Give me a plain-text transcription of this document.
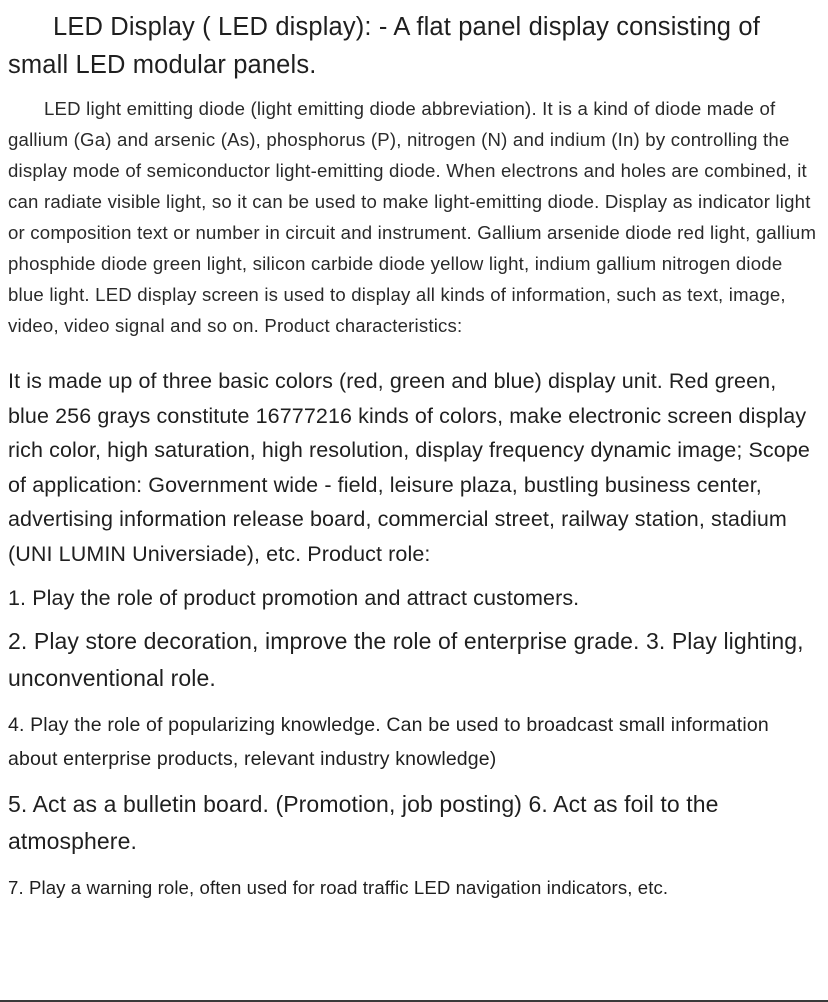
LED Display ( LED display): - A flat panel display consisting of small LED modular panels.

LED light emitting diode (light emitting diode abbreviation). It is a kind of diode made of gallium (Ga) and arsenic (As), phosphorus (P), nitrogen (N) and indium (In) by controlling the display mode of semiconductor light-emitting diode. When electrons and holes are combined, it can radiate visible light, so it can be used to make light-emitting diode. Display as indicator light or composition text or number in circuit and instrument. Gallium arsenide diode red light, gallium phosphide diode green light, silicon carbide diode yellow light, indium gallium nitrogen diode blue light. LED display screen is used to display all kinds of information, such as text, image, video, video signal and so on. Product characteristics:

It is made up of three basic colors (red, green and blue) display unit. Red green, blue 256 grays constitute 16777216 kinds of colors, make electronic screen display rich color, high saturation, high resolution, display frequency dynamic image; Scope of application: Government wide - field, leisure plaza, bustling business center, advertising information release board, commercial street, railway station, stadium (UNI LUMIN Universiade), etc. Product role:

1. Play the role of product promotion and attract customers.

2. Play store decoration, improve the role of enterprise grade. 3. Play lighting, unconventional role.

4. Play the role of popularizing knowledge. Can be used to broadcast small information about enterprise products, relevant industry knowledge)

5. Act as a bulletin board. (Promotion, job posting) 6. Act as foil to the atmosphere.

7. Play a warning role, often used for road traffic LED navigation indicators, etc.
